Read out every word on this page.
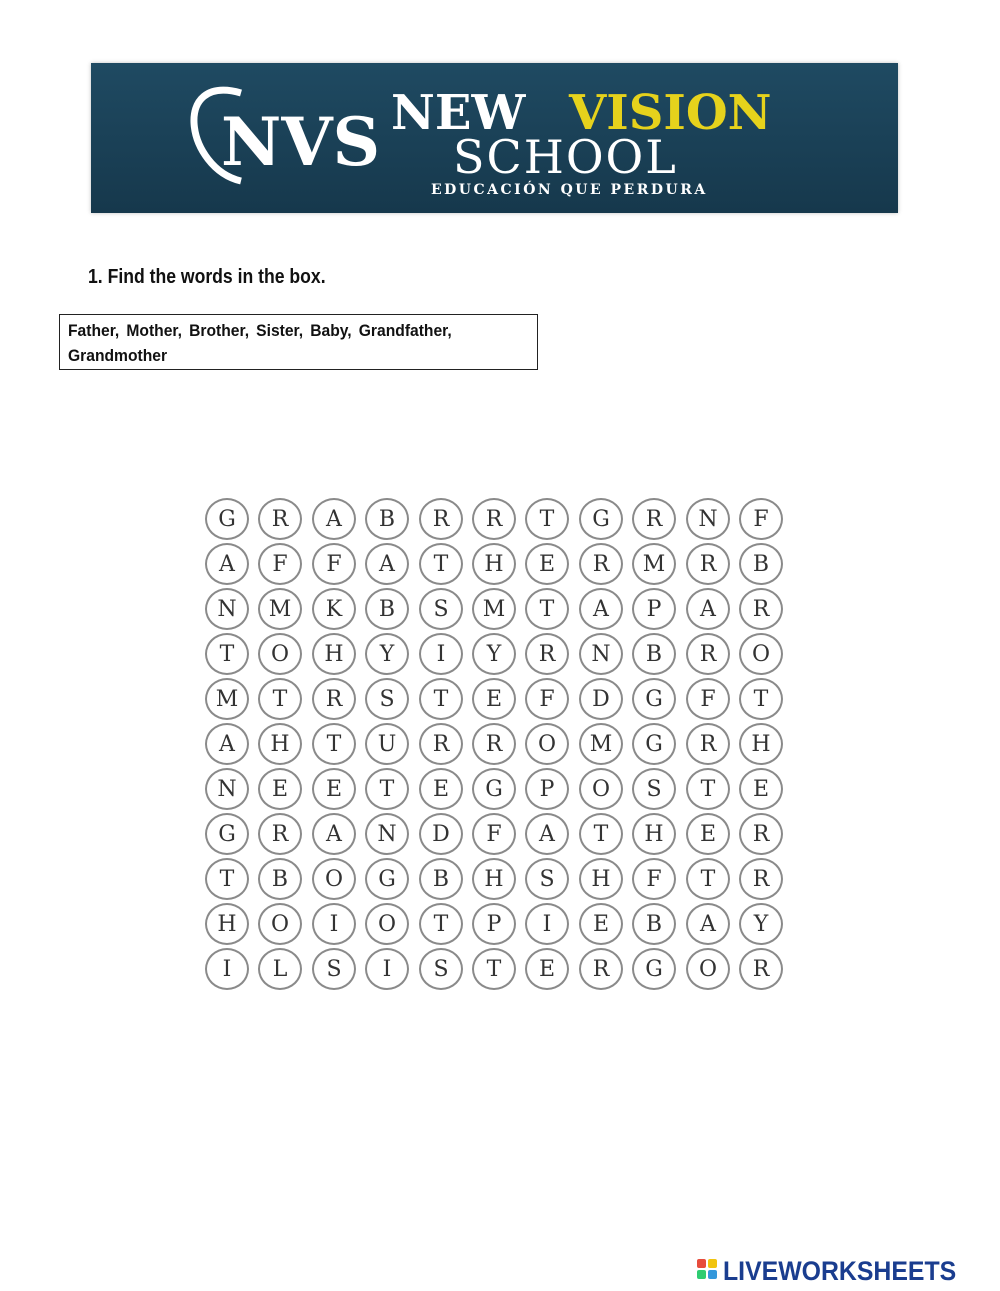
NVS NEW VISION
SCHOOL
EDUCACIÓN QUE PERDURA
1. Find the words in the box.
Father, Mother, Brother, Sister, Baby, Grandfather,
Grandmother
G	R	A	B	R	R	T	G	R	N	F
A	F	F	A	T	H	E	R	M	R	B
N	M	K	B	S	M	T	A	P	A	R
T	O	H	Y	I	Y	R	N	B	R	O
M	T	R	S	T	E	F	D	G	F	T
A	H	T	U	R	R	O	M	G	R	H
N	E	E	T	E	G	P	O	S	T	E
G	R	A	N	D	F	A	T	H	E	R
T	B	O	G	B	H	S	H	F	T	R
H	O	I	O	T	P	I	E	B	A	Y
I	L	S	I	S	T	E	R	G	O	R
LIVEWORKSHEETS
